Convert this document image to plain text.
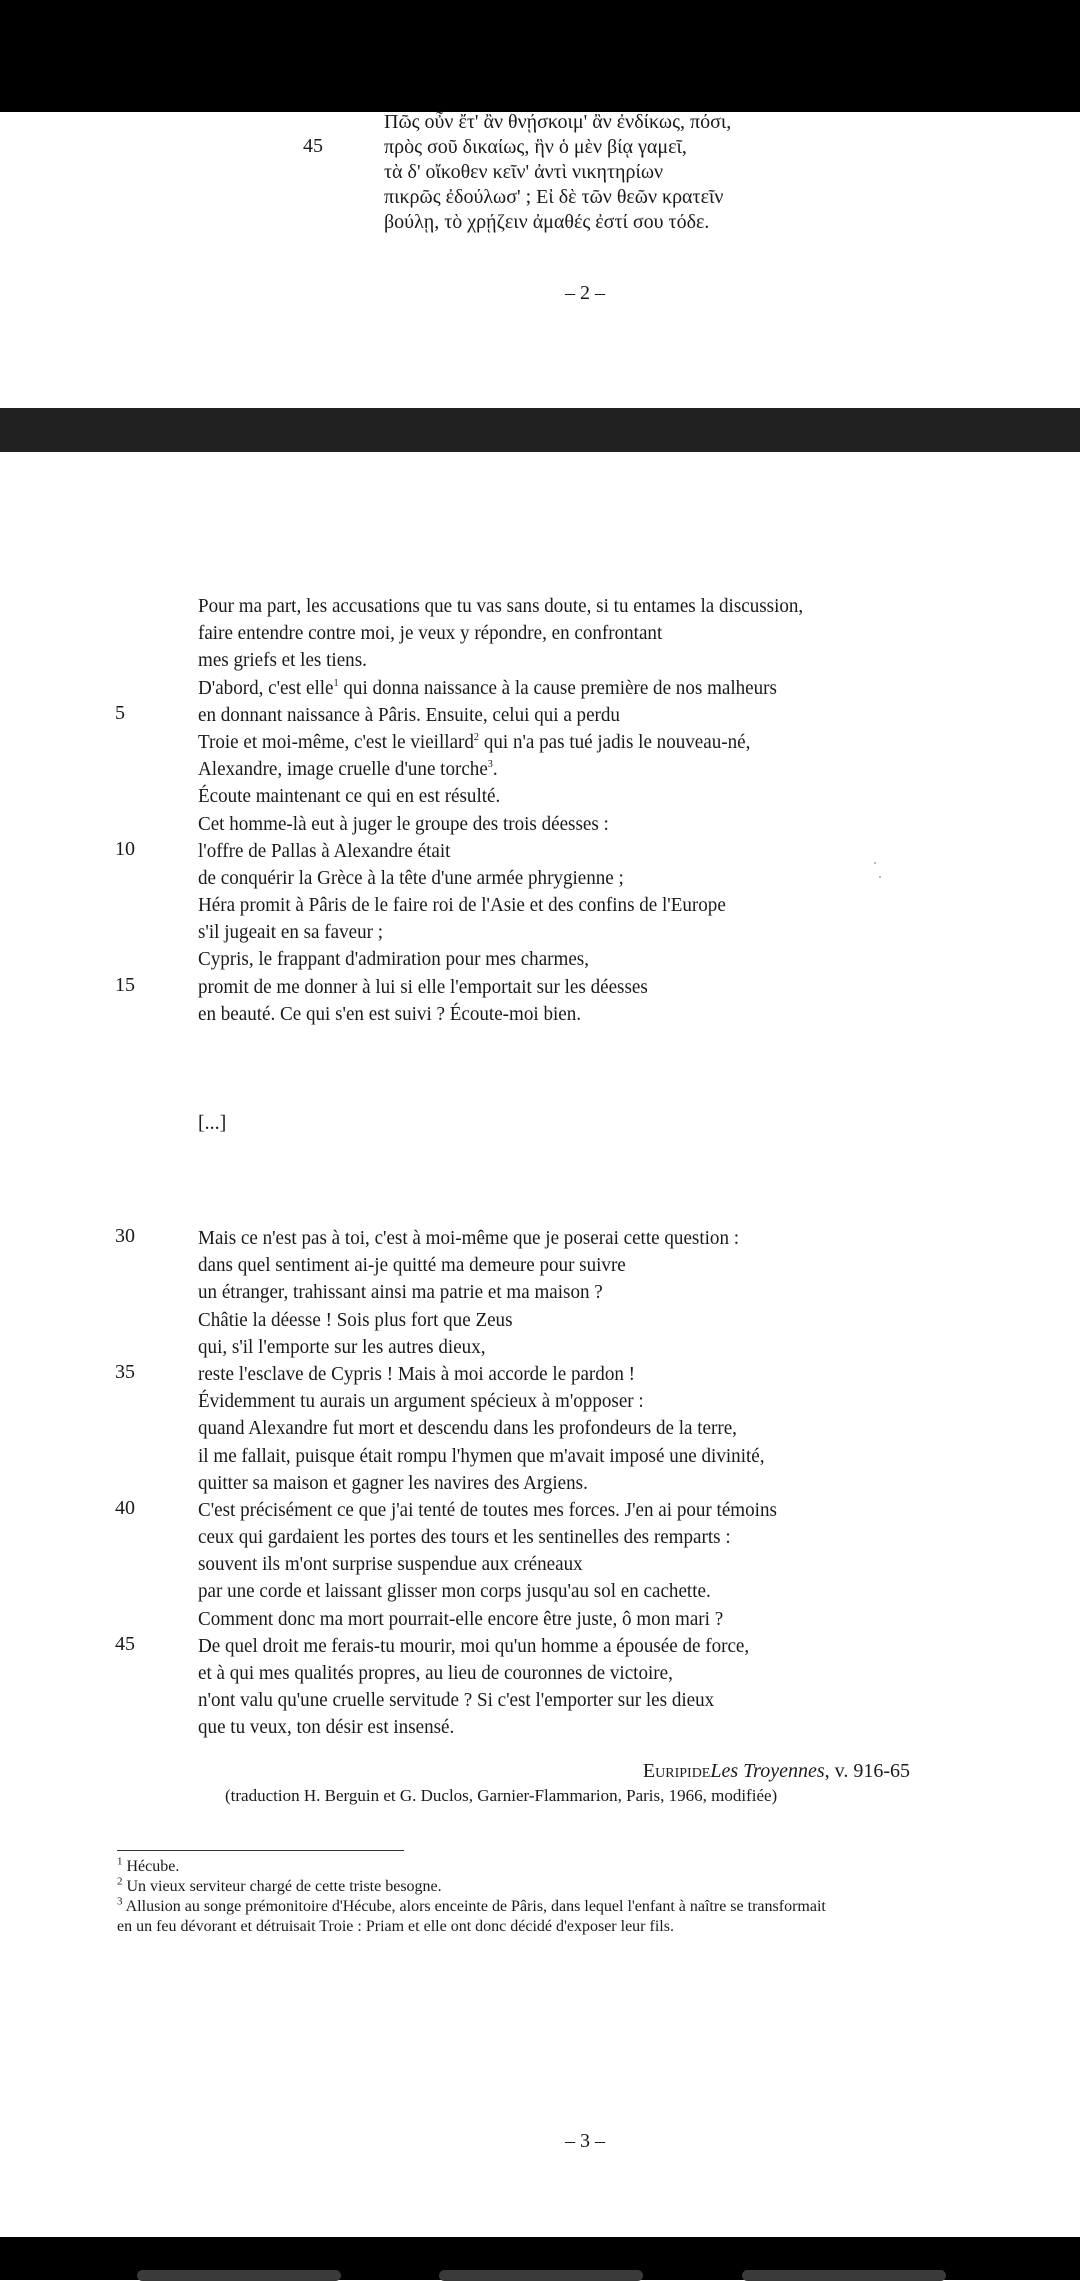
45
Πῶς οὖν ἔτ' ἂν θνῄσκοιμ' ἂν ἐνδίκως, πόσι,
πρὸς σοῦ δικαίως, ἣν ὁ μὲν βίᾳ γαμεῖ,
τὰ δ' οἴκοθεν κεῖν' ἀντὶ νικητηρίων
πικρῶς ἐδούλωσ' ; Εἰ δὲ τῶν θεῶν κρατεῖν
βούλῃ, τὸ χρῄζειν ἀμαθές ἐστί σου τόδε.
– 2 –
Pour ma part, les accusations que tu vas sans doute, si tu entames la discussion,
faire entendre contre moi, je veux y répondre, en confrontant
mes griefs et les tiens.
D'abord, c'est elle$^1$ qui donna naissance à la cause première de nos malheurs
en donnant naissance à Pâris. Ensuite, celui qui a perdu
Troie et moi-même, c'est le vieillard$^2$ qui n'a pas tué jadis le nouveau-né,
Alexandre, image cruelle d'une torche$^3$.
Écoute maintenant ce qui en est résulté.
Cet homme-là eut à juger le groupe des trois déesses :
l'offre de Pallas à Alexandre était
de conquérir la Grèce à la tête d'une armée phrygienne ;
Héra promit à Pâris de le faire roi de l'Asie et des confins de l'Europe
s'il jugeait en sa faveur ;
Cypris, le frappant d'admiration pour mes charmes,
promit de me donner à lui si elle l'emportait sur les déesses
en beauté. Ce qui s'en est suivi ? Écoute-moi bien.
5
10
15
[...]
Mais ce n'est pas à toi, c'est à moi-même que je poserai cette question :
dans quel sentiment ai-je quitté ma demeure pour suivre
un étranger, trahissant ainsi ma patrie et ma maison ?
Châtie la déesse ! Sois plus fort que Zeus
qui, s'il l'emporte sur les autres dieux,
reste l'esclave de Cypris ! Mais à moi accorde le pardon !
Évidemment tu aurais un argument spécieux à m'opposer :
quand Alexandre fut mort et descendu dans les profondeurs de la terre,
il me fallait, puisque était rompu l'hymen que m'avait imposé une divinité,
quitter sa maison et gagner les navires des Argiens.
C'est précisément ce que j'ai tenté de toutes mes forces. J'en ai pour témoins
ceux qui gardaient les portes des tours et les sentinelles des remparts :
souvent ils m'ont surprise suspendue aux créneaux
par une corde et laissant glisser mon corps jusqu'au sol en cachette.
Comment donc ma mort pourrait-elle encore être juste, ô mon mari ?
De quel droit me ferais-tu mourir, moi qu'un homme a épousée de force,
et à qui mes qualités propres, au lieu de couronnes de victoire,
n'ont valu qu'une cruelle servitude ? Si c'est l'emporter sur les dieux
que tu veux, ton désir est insensé.
30
35
40
45
EuripideLes Troyennes, v. 916-65
(traduction H. Berguin et G. Duclos, Garnier-Flammarion, Paris, 1966, modifiée)
$^1$ Hécube.
$^2$ Un vieux serviteur chargé de cette triste besogne.
$^3$ Allusion au songe prémonitoire d'Hécube, alors enceinte de Pâris, dans lequel l'enfant à naître se transformait
en un feu dévorant et détruisait Troie : Priam et elle ont donc décidé d'exposer leur fils.
– 3 –
